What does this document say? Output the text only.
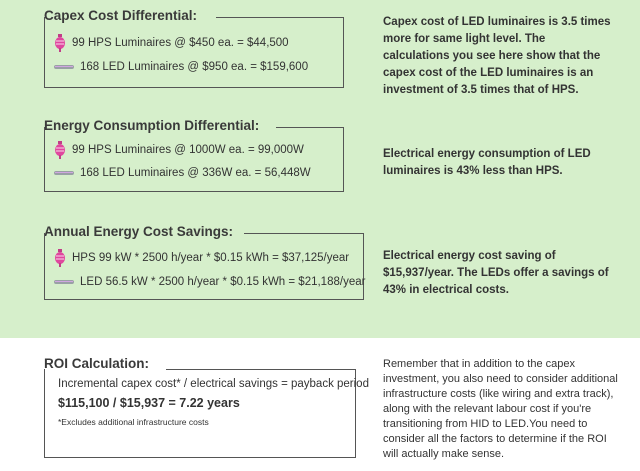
Capex Cost Differential:
99 HPS Luminaires @ $450 ea. = $44,500
168 LED Luminaires @ $950 ea. = $159,600
Capex cost of LED luminaires is 3.5 times more for same light level. The calculations you see here show that the capex cost of the LED luminaires is an investment of 3.5 times that of HPS.
Energy Consumption Differential:
99 HPS Luminaires @ 1000W ea. = 99,000W
168 LED Luminaires @ 336W ea. = 56,448W
Electrical energy consumption of LED luminaires is 43% less than HPS.
Annual Energy Cost Savings:
HPS 99 kW * 2500 h/year * $0.15 kWh = $37,125/year
LED 56.5 kW * 2500 h/year * $0.15 kWh = $21,188/year
Electrical energy cost saving of $15,937/year. The LEDs offer a savings of 43% in electrical costs.
ROI Calculation:
Incremental capex cost* / electrical savings = payback period
$115,100 / $15,937 = 7.22 years
*Excludes additional infrastructure costs
Remember that in addition to the capex investment, you also need to consider additional infrastructure costs (like wiring and extra track), along with the relevant labour cost if you're transitioning from HID to LED.You need to consider all the factors to determine if the ROI will actually make sense.
